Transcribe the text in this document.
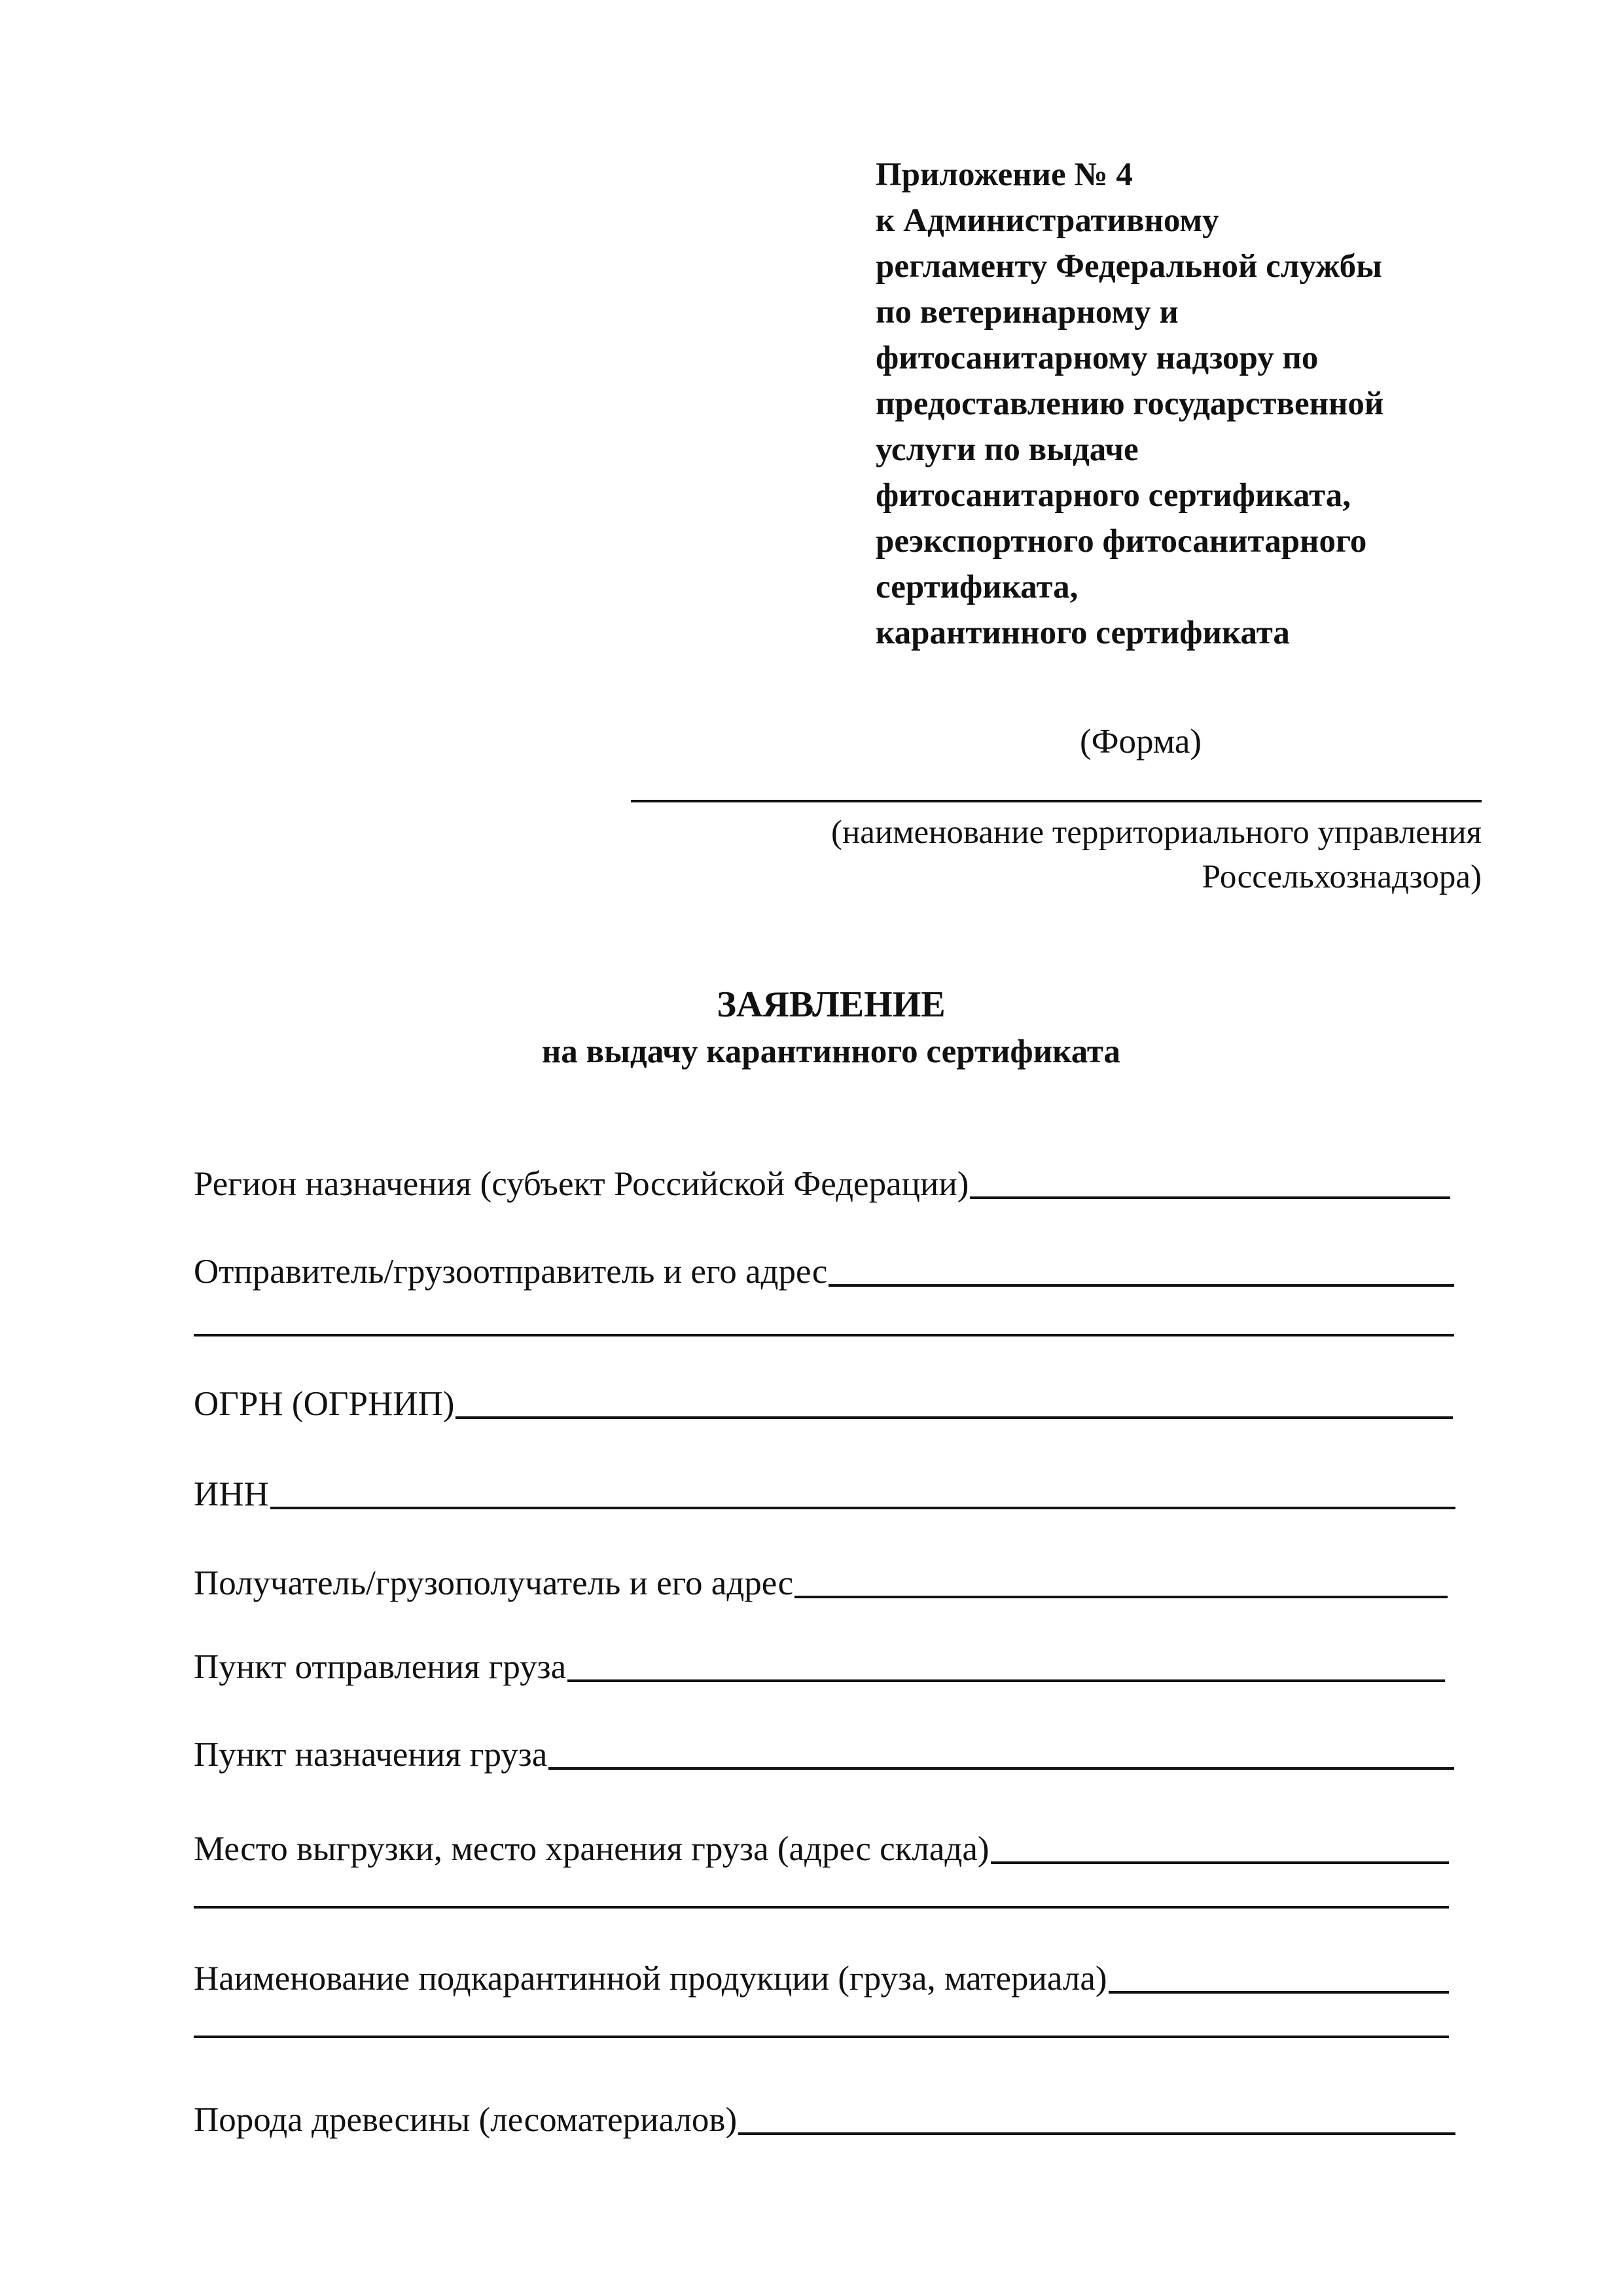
Приложение № 4
к Административному
регламенту Федеральной службы
по ветеринарному и
фитосанитарному надзору по
предоставлению государственной
услуги по выдаче
фитосанитарного сертификата,
реэкспортного фитосанитарного
сертификата,
карантинного сертификата
(Форма)
(наименование территориального управления
Россельхознадзора)
ЗАЯВЛЕНИЕ
на выдачу карантинного сертификата
Регион назначения (субъект Российской Федерации)
Отправитель/грузоотправитель и его адрес
ОГРН (ОГРНИП)
ИНН
Получатель/грузополучатель и его адрес
Пункт отправления груза
Пункт назначения груза
Место выгрузки, место хранения груза (адрес склада)
Наименование подкарантинной продукции (груза, материала)
Порода древесины (лесоматериалов)
